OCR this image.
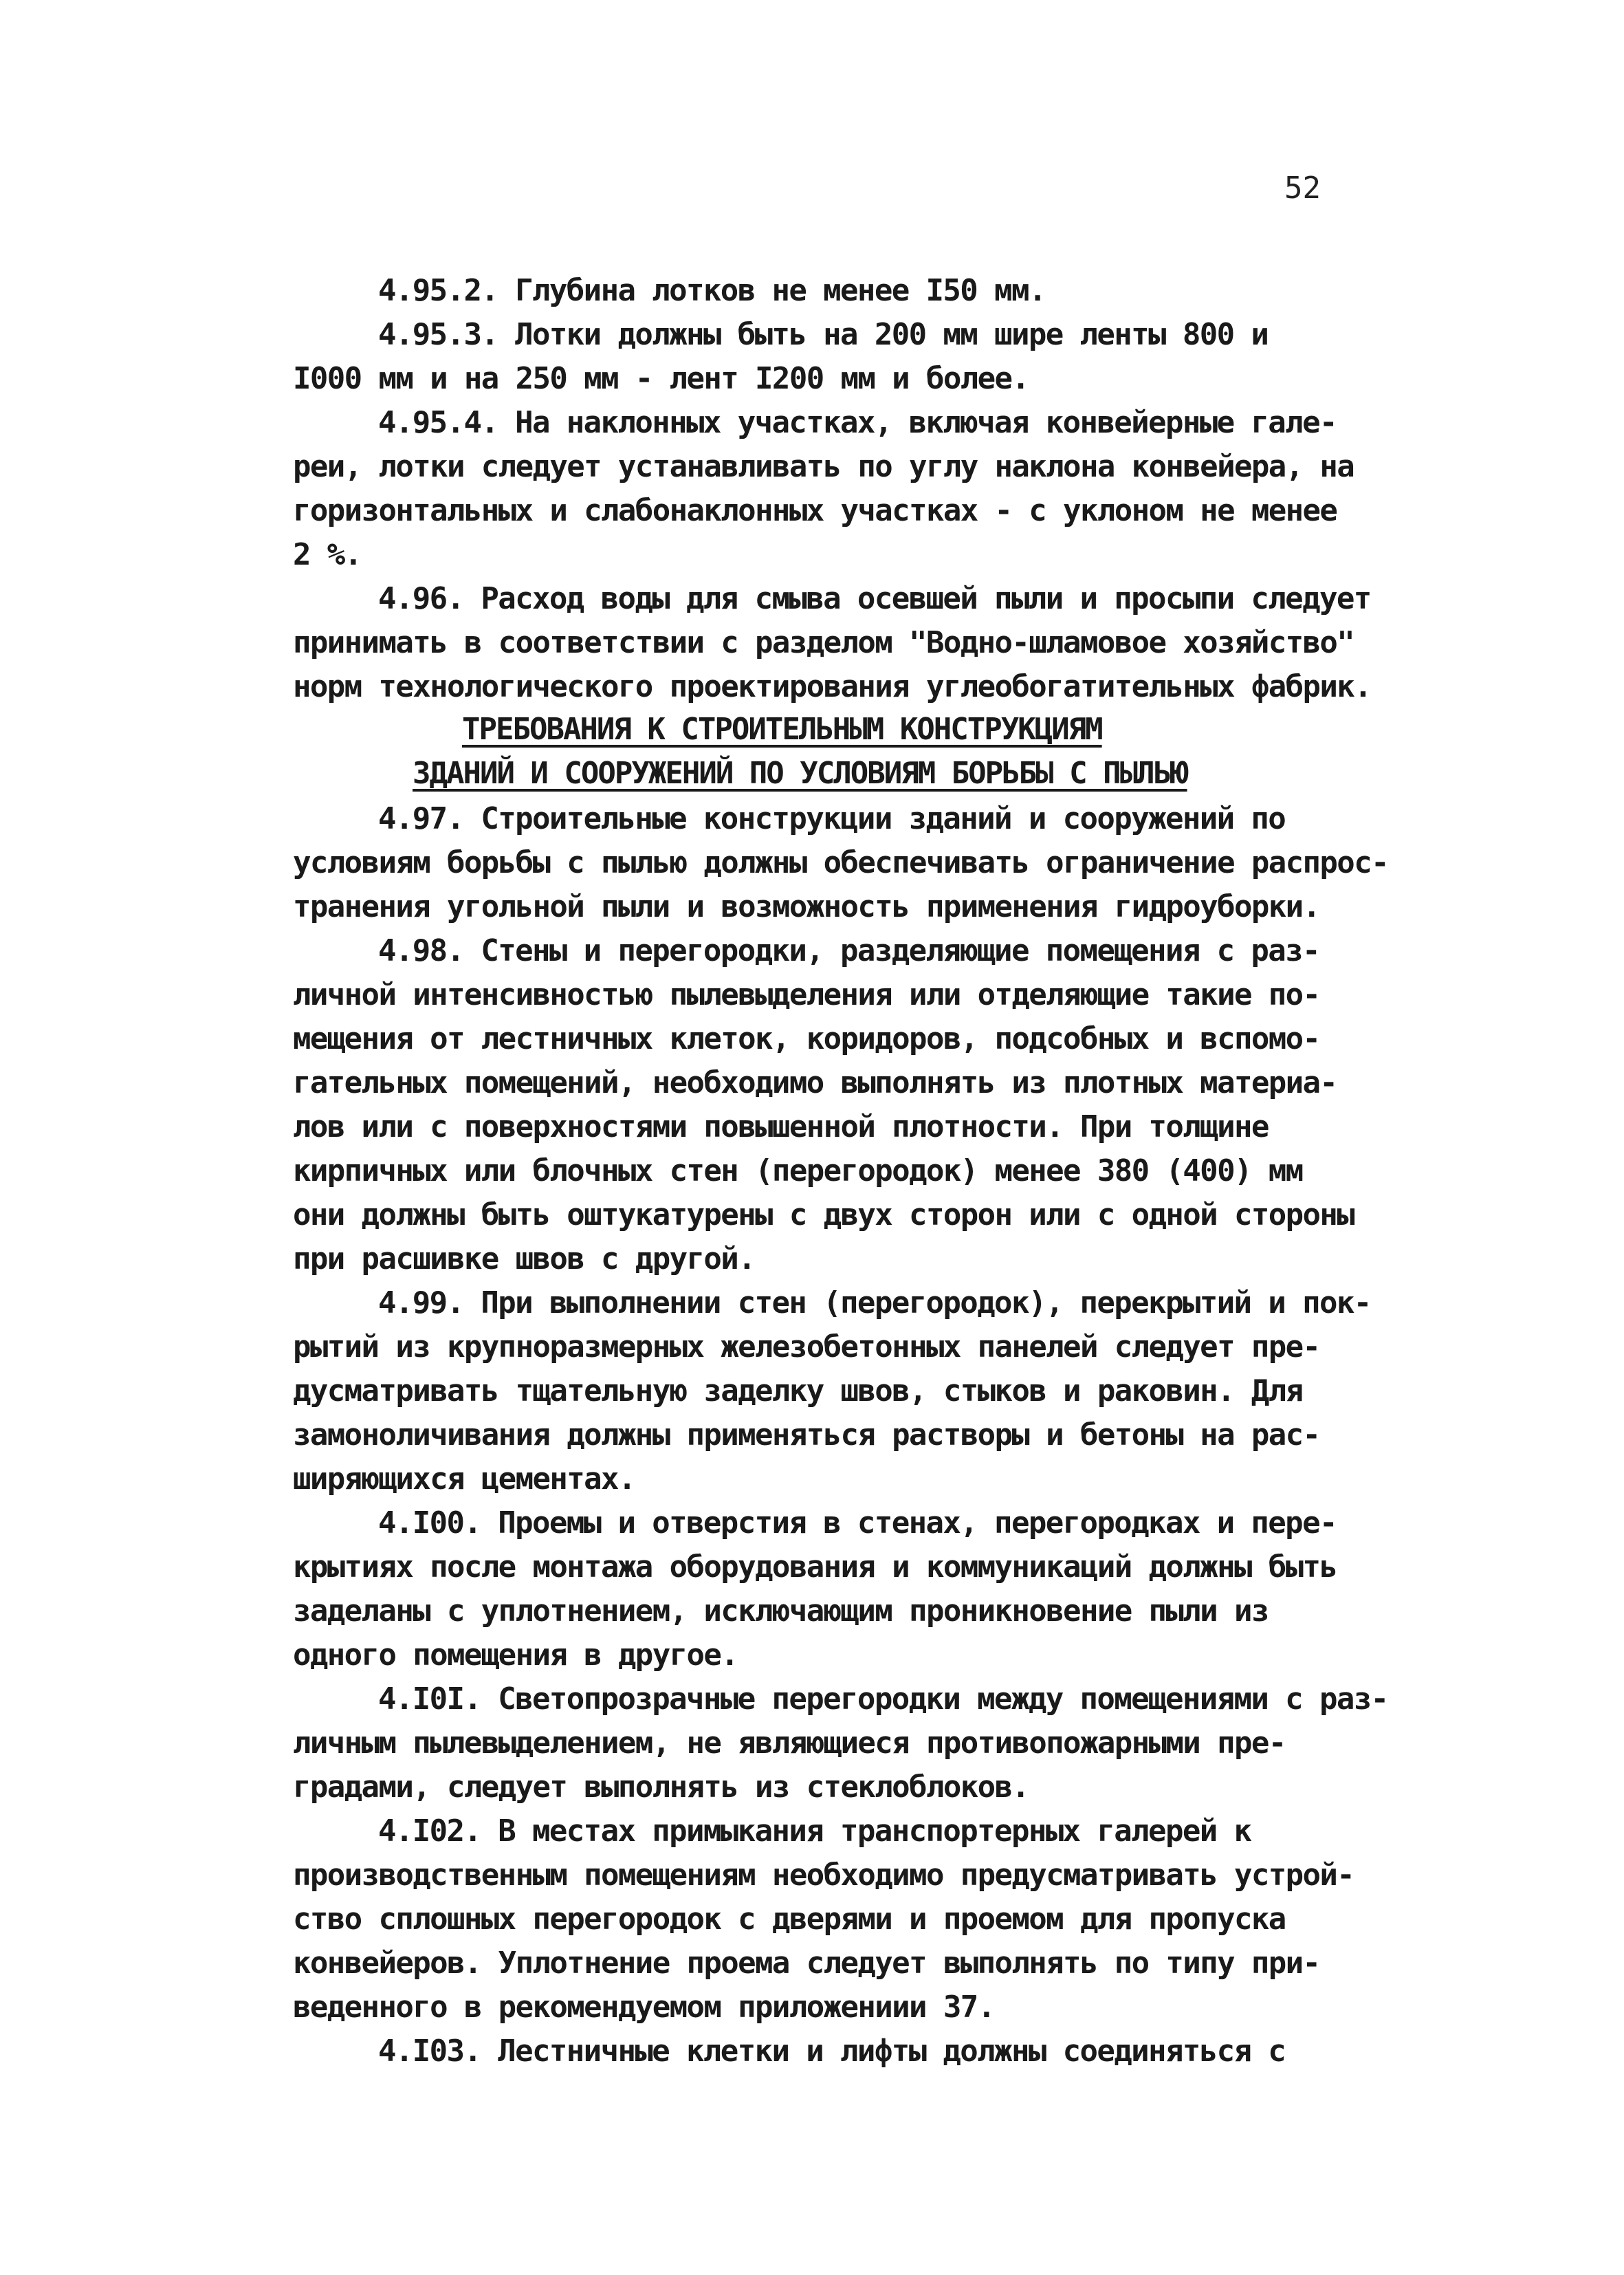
52
4.95.2. Глубина лотков не менее I50 мм.
4.95.3. Лотки должны быть на 200 мм шире ленты 800 и
I000 мм и на 250 мм - лент I200 мм и более.
4.95.4. На наклонных участках, включая конвейерные гале-
реи, лотки следует устанавливать по углу наклона конвейера, на
горизонтальных и слабонаклонных участках - с уклоном не менее
2 %.
4.96. Расход воды для смыва осевшей пыли и просыпи следует
принимать в соответствии с разделом "Водно-шламовое хозяйство"
норм технологического проектирования углеобогатительных фабрик.
ТРЕБОВАНИЯ К СТРОИТЕЛЬНЫМ КОНСТРУКЦИЯМ
ЗДАНИЙ И СООРУЖЕНИЙ ПО УСЛОВИЯМ БОРЬБЫ С ПЫЛЬЮ
4.97. Строительные конструкции зданий и сооружений по
условиям борьбы с пылью должны обеспечивать ограничение распрос-
транения угольной пыли и возможность применения гидроуборки.
4.98. Стены и перегородки, разделяющие помещения с раз-
личной интенсивностью пылевыделения или отделяющие такие по-
мещения от лестничных клеток, коридоров, подсобных и вспомо-
гательных помещений, необходимо выполнять из плотных материа-
лов или с поверхностями повышенной плотности. При толщине
кирпичных или блочных стен (перегородок) менее 380 (400) мм
они должны быть оштукатурены с двух сторон или с одной стороны
при расшивке швов с другой.
4.99. При выполнении стен (перегородок), перекрытий и пок-
рытий из крупноразмерных железобетонных панелей следует пре-
дусматривать тщательную заделку швов, стыков и раковин. Для
замоноличивания должны применяться растворы и бетоны на рас-
ширяющихся цементах.
4.I00. Проемы и отверстия в стенах, перегородках и пере-
крытиях после монтажа оборудования и коммуникаций должны быть
заделаны с уплотнением, исключающим проникновение пыли из
одного помещения в другое.
4.I0I. Светопрозрачные перегородки между помещениями с раз-
личным пылевыделением, не являющиеся противопожарными пре-
градами, следует выполнять из стеклоблоков.
4.I02. В местах примыкания транспортерных галерей к
производственным помещениям необходимо предусматривать устрой-
ство сплошных перегородок с дверями и проемом для пропуска
конвейеров. Уплотнение проема следует выполнять по типу при-
веденного в рекомендуемом приложениии 37.
4.I03. Лестничные клетки и лифты должны соединяться с
